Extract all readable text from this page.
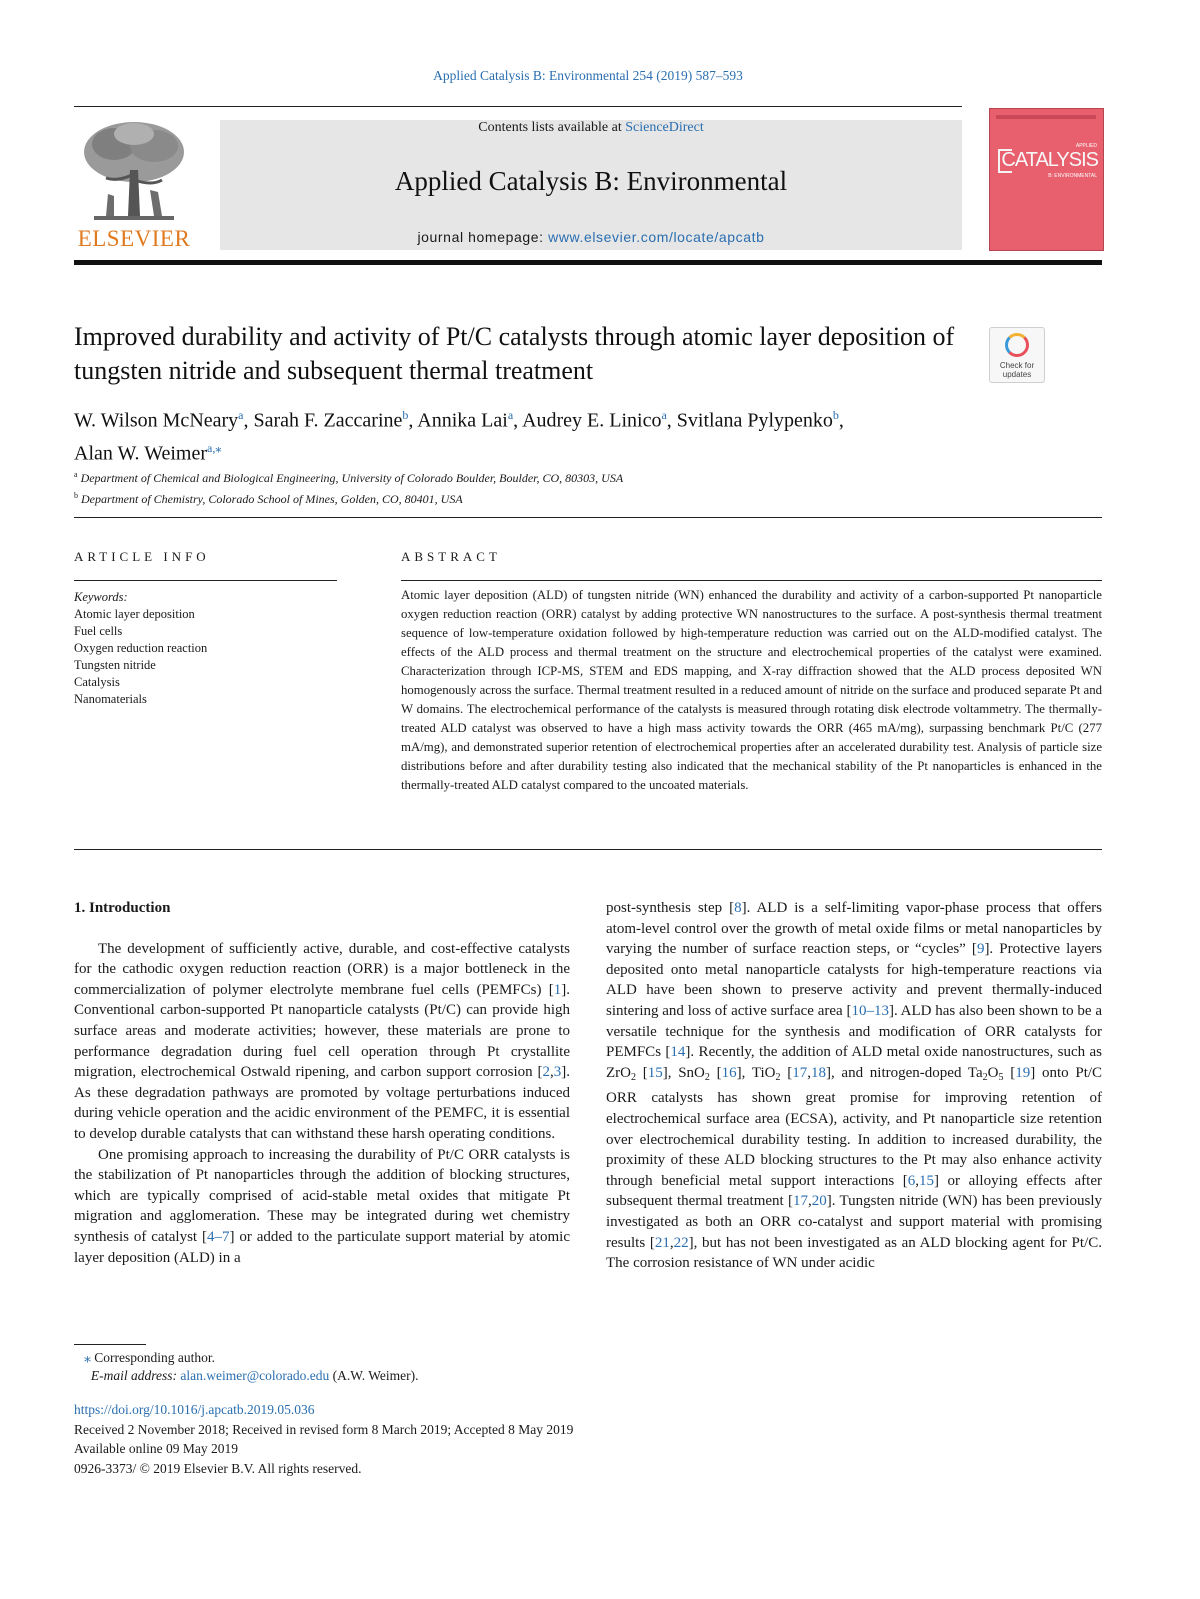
Applied Catalysis B: Environmental 254 (2019) 587–593
ELSEVIER
Contents lists available at ScienceDirect
Applied Catalysis B: Environmental
journal homepage: www.elsevier.com/locate/apcatb
APPLIED
CATALYSIS
B: ENVIRONMENTAL
Improved durability and activity of Pt/C catalysts through atomic layer deposition of tungsten nitride and subsequent thermal treatment	Check for
updates
W. Wilson McNeary$^a$, Sarah F. Zaccarine$^b$, Annika Lai$^a$, Audrey E. Linico$^a$, Svitlana Pylypenko$^b$,
Alan W. Weimer$^{a,⁎}$
$^a$ Department of Chemical and Biological Engineering, University of Colorado Boulder, Boulder, CO, 80303, USA
$^b$ Department of Chemistry, Colorado School of Mines, Golden, CO, 80401, USA
ARTICLE INFO	ABSTRACT
Keywords:
Atomic layer deposition
Fuel cells
Oxygen reduction reaction
Tungsten nitride
Catalysis
Nanomaterials
Atomic layer deposition (ALD) of tungsten nitride (WN) enhanced the durability and activity of a carbon-supported Pt nanoparticle oxygen reduction reaction (ORR) catalyst by adding protective WN nanostructures to the surface. A post-synthesis thermal treatment sequence of low-temperature oxidation followed by high-temperature reduction was carried out on the ALD-modified catalyst. The effects of the ALD process and thermal treatment on the structure and electrochemical properties of the catalyst were examined. Characterization through ICP-MS, STEM and EDS mapping, and X-ray diffraction showed that the ALD process deposited WN homogenously across the surface. Thermal treatment resulted in a reduced amount of nitride on the surface and produced separate Pt and W domains. The electrochemical performance of the catalysts is measured through rotating disk electrode voltammetry. The thermally-treated ALD catalyst was observed to have a high mass activity towards the ORR (465 mA/mg), surpassing benchmark Pt/C (277 mA/mg), and demonstrated superior retention of electrochemical properties after an accelerated durability test. Analysis of particle size distributions before and after durability testing also indicated that the mechanical stability of the Pt nanoparticles is enhanced in the thermally-treated ALD catalyst compared to the uncoated materials.

1. Introduction

The development of sufficiently active, durable, and cost-effective catalysts for the cathodic oxygen reduction reaction (ORR) is a major bottleneck in the commercialization of polymer electrolyte membrane fuel cells (PEMFCs) [1]. Conventional carbon-supported Pt nanoparticle catalysts (Pt/C) can provide high surface areas and moderate activities; however, these materials are prone to performance degradation during fuel cell operation through Pt crystallite migration, electrochemical Ostwald ripening, and carbon support corrosion [2,3]. As these degradation pathways are promoted by voltage perturbations induced during vehicle operation and the acidic environment of the PEMFC, it is essential to develop durable catalysts that can withstand these harsh operating conditions.

One promising approach to increasing the durability of Pt/C ORR catalysts is the stabilization of Pt nanoparticles through the addition of blocking structures, which are typically comprised of acid-stable metal oxides that mitigate Pt migration and agglomeration. These may be integrated during wet chemistry synthesis of catalyst [4–7] or added to the particulate support material by atomic layer deposition (ALD) in a

post-synthesis step [8]. ALD is a self-limiting vapor-phase process that offers atom-level control over the growth of metal oxide films or metal nanoparticles by varying the number of surface reaction steps, or “cycles” [9]. Protective layers deposited onto metal nanoparticle catalysts for high-temperature reactions via ALD have been shown to preserve activity and prevent thermally-induced sintering and loss of active surface area [10–13]. ALD has also been shown to be a versatile technique for the synthesis and modification of ORR catalysts for PEMFCs [14]. Recently, the addition of ALD metal oxide nanostructures, such as ZrO$_2$ [15], SnO$_2$ [16], TiO$_2$ [17,18], and nitrogen-doped $Ta_2O_5$ [19] onto Pt/C ORR catalysts has shown great promise for improving retention of electrochemical surface area (ECSA), activity, and Pt nanoparticle size retention over electrochemical durability testing. In addition to increased durability, the proximity of these ALD blocking structures to the Pt may also enhance activity through beneficial metal support interactions [6,15] or alloying effects after subsequent thermal treatment [17,20]. Tungsten nitride (WN) has been previously investigated as both an ORR co-catalyst and support material with promising results [21,22], but has not been investigated as an ALD blocking agent for Pt/C. The corrosion resistance of WN under acidic

⁎ Corresponding author.
E-mail address: alan.weimer@colorado.edu (A.W. Weimer).
https://doi.org/10.1016/j.apcatb.2019.05.036
Received 2 November 2018; Received in revised form 8 March 2019; Accepted 8 May 2019
Available online 09 May 2019
0926-3373/ © 2019 Elsevier B.V. All rights reserved.
